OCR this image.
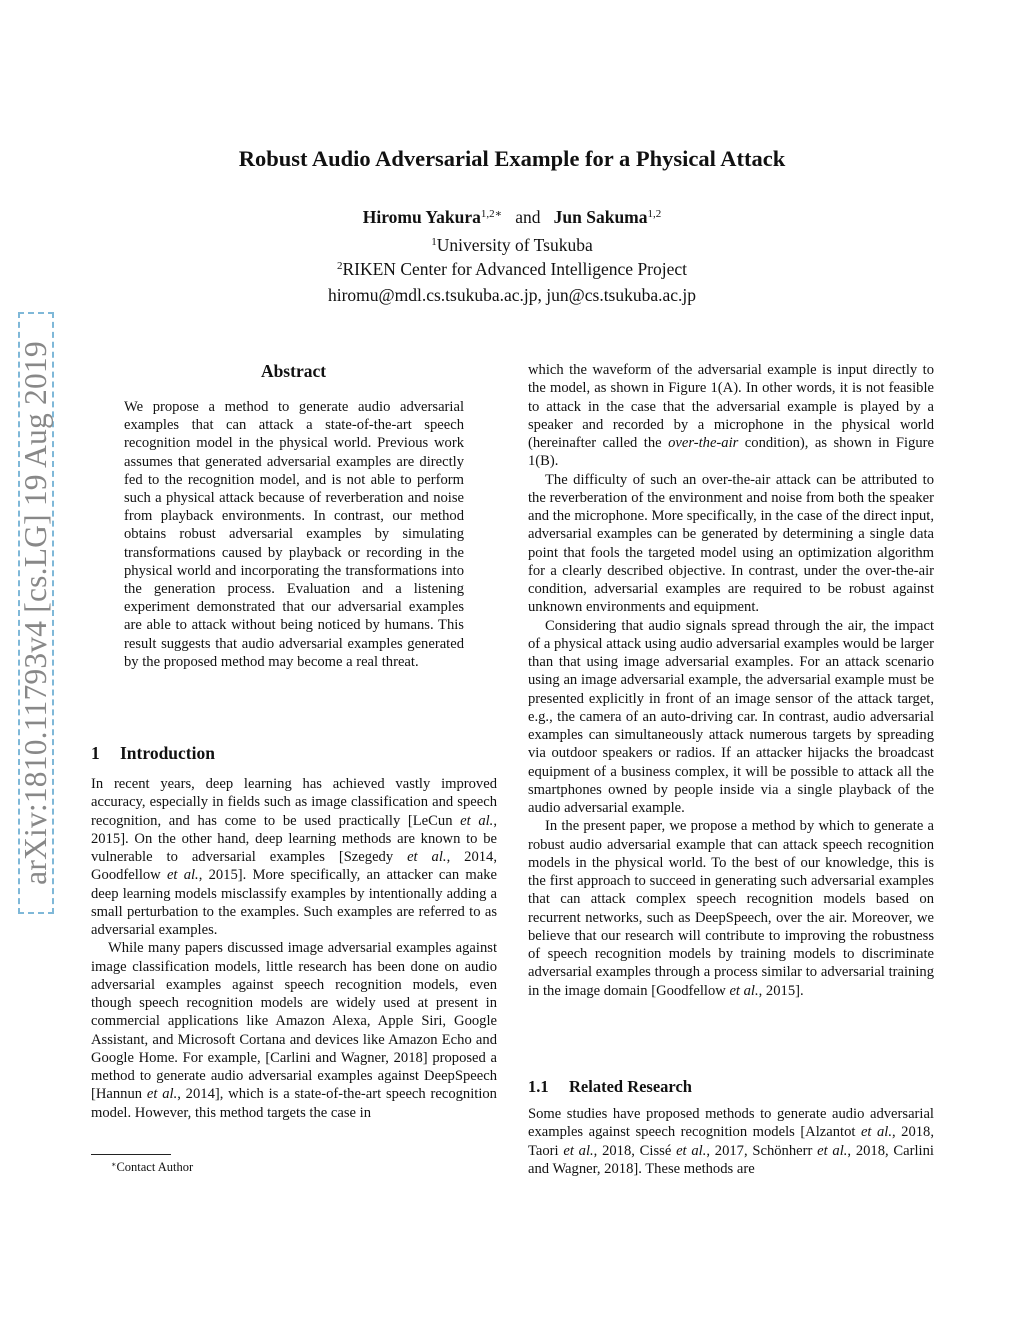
arXiv:1810.11793v4 [cs.LG] 19 Aug 2019
Robust Audio Adversarial Example for a Physical Attack
Hiromu Yakura$^{1,2∗}$ and Jun Sakuma$^{1,2}$
$^1$University of Tsukuba
$^2$RIKEN Center for Advanced Intelligence Project
hiromu@mdl.cs.tsukuba.ac.jp, jun@cs.tsukuba.ac.jp
Abstract
We propose a method to generate audio adversarial examples that can attack a state-of-the-art speech recognition model in the physical world. Previous work assumes that generated adversarial examples are directly fed to the recognition model, and is not able to perform such a physical attack because of reverberation and noise from playback environments. In contrast, our method obtains robust adversarial examples by simulating transformations caused by playback or recording in the physical world and incorporating the transformations into the generation process. Evaluation and a listening experiment demonstrated that our adversarial examples are able to attack without being noticed by humans. This result suggests that audio adversarial examples generated by the proposed method may become a real threat.
1 Introduction

In recent years, deep learning has achieved vastly improved accuracy, especially in fields such as image classification and speech recognition, and has come to be used practically [LeCun et al., 2015]. On the other hand, deep learning methods are known to be vulnerable to adversarial examples [Szegedy et al., 2014, Goodfellow et al., 2015]. More specifically, an attacker can make deep learning models misclassify examples by intentionally adding a small perturbation to the examples. Such examples are referred to as adversarial examples.

While many papers discussed image adversarial examples against image classification models, little research has been done on audio adversarial examples against speech recognition models, even though speech recognition models are widely used at present in commercial applications like Amazon Alexa, Apple Siri, Google Assistant, and Microsoft Cortana and devices like Amazon Echo and Google Home. For example, [Carlini and Wagner, 2018] proposed a method to generate audio adversarial examples against DeepSpeech [Hannun et al., 2014], which is a state-of-the-art speech recognition model. However, this method targets the case in

∗Contact Author

which the waveform of the adversarial example is input directly to the model, as shown in Figure 1(A). In other words, it is not feasible to attack in the case that the adversarial example is played by a speaker and recorded by a microphone in the physical world (hereinafter called the over-the-air condition), as shown in Figure 1(B).

The difficulty of such an over-the-air attack can be attributed to the reverberation of the environment and noise from both the speaker and the microphone. More specifically, in the case of the direct input, adversarial examples can be generated by determining a single data point that fools the targeted model using an optimization algorithm for a clearly described objective. In contrast, under the over-the-air condition, adversarial examples are required to be robust against unknown environments and equipment.

Considering that audio signals spread through the air, the impact of a physical attack using audio adversarial examples would be larger than that using image adversarial examples. For an attack scenario using an image adversarial example, the adversarial example must be presented explicitly in front of an image sensor of the attack target, e.g., the camera of an auto-driving car. In contrast, audio adversarial examples can simultaneously attack numerous targets by spreading via outdoor speakers or radios. If an attacker hijacks the broadcast equipment of a business complex, it will be possible to attack all the smartphones owned by people inside via a single playback of the audio adversarial example.

In the present paper, we propose a method by which to generate a robust audio adversarial example that can attack speech recognition models in the physical world. To the best of our knowledge, this is the first approach to succeed in generating such adversarial examples that can attack complex speech recognition models based on recurrent networks, such as DeepSpeech, over the air. Moreover, we believe that our research will contribute to improving the robustness of speech recognition models by training models to discriminate adversarial examples through a process similar to adversarial training in the image domain [Goodfellow et al., 2015].

1.1 Related Research

Some studies have proposed methods to generate audio adversarial examples against speech recognition models [Alzantot et al., 2018, Taori et al., 2018, Cissé et al., 2017, Schönherr et al., 2018, Carlini and Wagner, 2018]. These methods are
